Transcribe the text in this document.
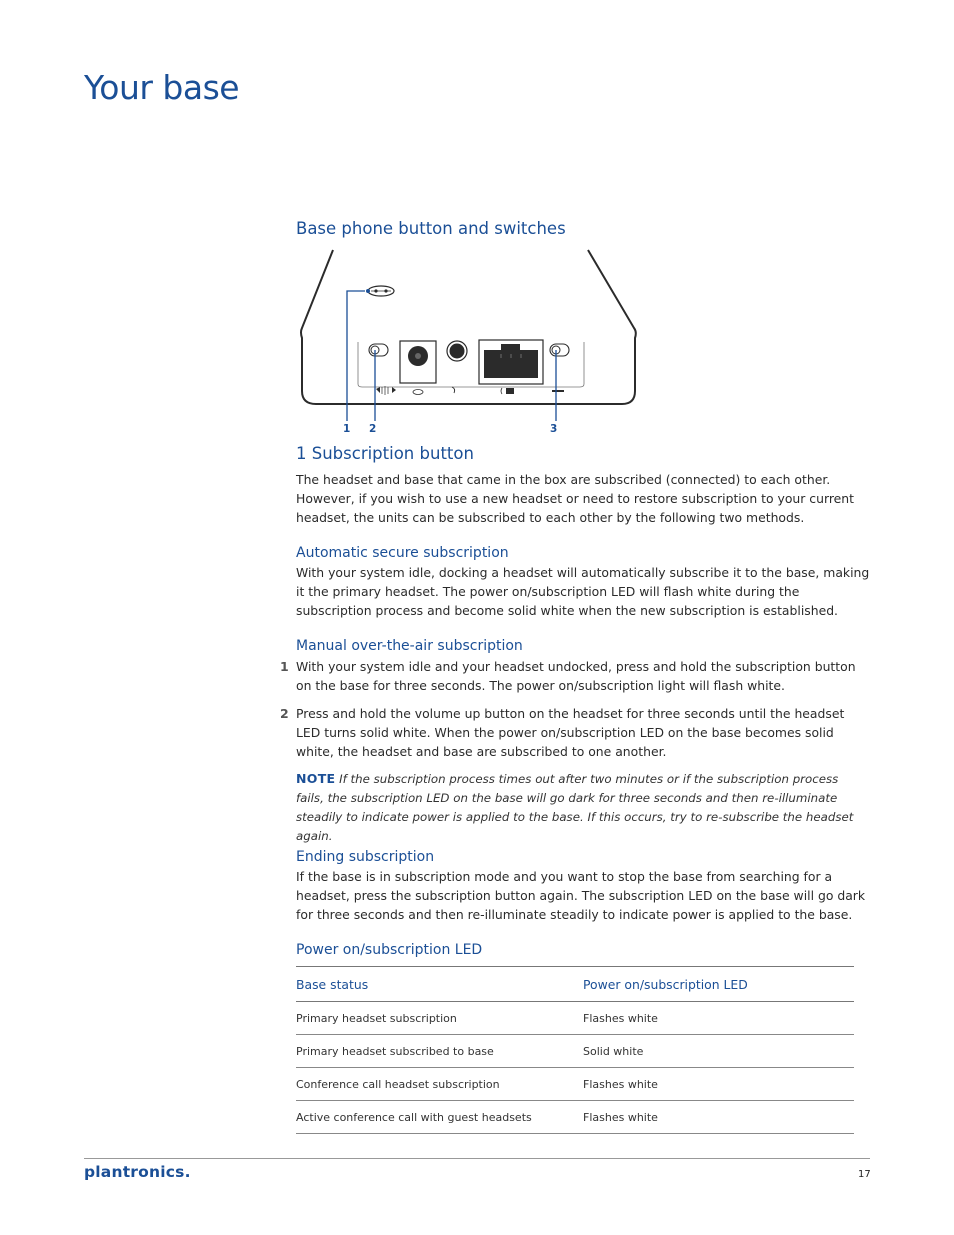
Your base
Base phone button and switches
1 2	3
1 Subscription button

The headset and base that came in the box are subscribed (connected) to each other. However, if you wish to use a new headset or need to restore subscription to your current headset, the units can be subscribed to each other by the following two methods.

Automatic secure subscription

With your system idle, docking a headset will automatically subscribe it to the base, making it the primary headset. The power on/subscription LED will flash white during the subscription process and become solid white when the new subscription is established.

Manual over-the-air subscription
1 With your system idle and your headset undocked, press and hold the subscription button on the base for three seconds. The power on/subscription light will flash white.

2 Press and hold the volume up button on the headset for three seconds until the headset LED turns solid white. When the power on/subscription LED on the base becomes solid white, the headset and base are subscribed to one another.

NOTE If the subscription process times out after two minutes or if the subscription process fails, the subscription LED on the base will go dark for three seconds and then re-illuminate steadily to indicate power is applied to the base. If this occurs, try to re-subscribe the headset again.

Ending subscription

If the base is in subscription mode and you want to stop the base from searching for a headset, press the subscription button again. The subscription LED on the base will go dark for three seconds and then re-illuminate steadily to indicate power is applied to the base.

Power on/subscription LED
Base status	Power on/subscription LED
Primary headset subscription	Flashes white
Primary headset subscribed to base	Solid white
Conference call headset subscription	Flashes white
Active conference call with guest headsets	Flashes white
plantronics.	17
